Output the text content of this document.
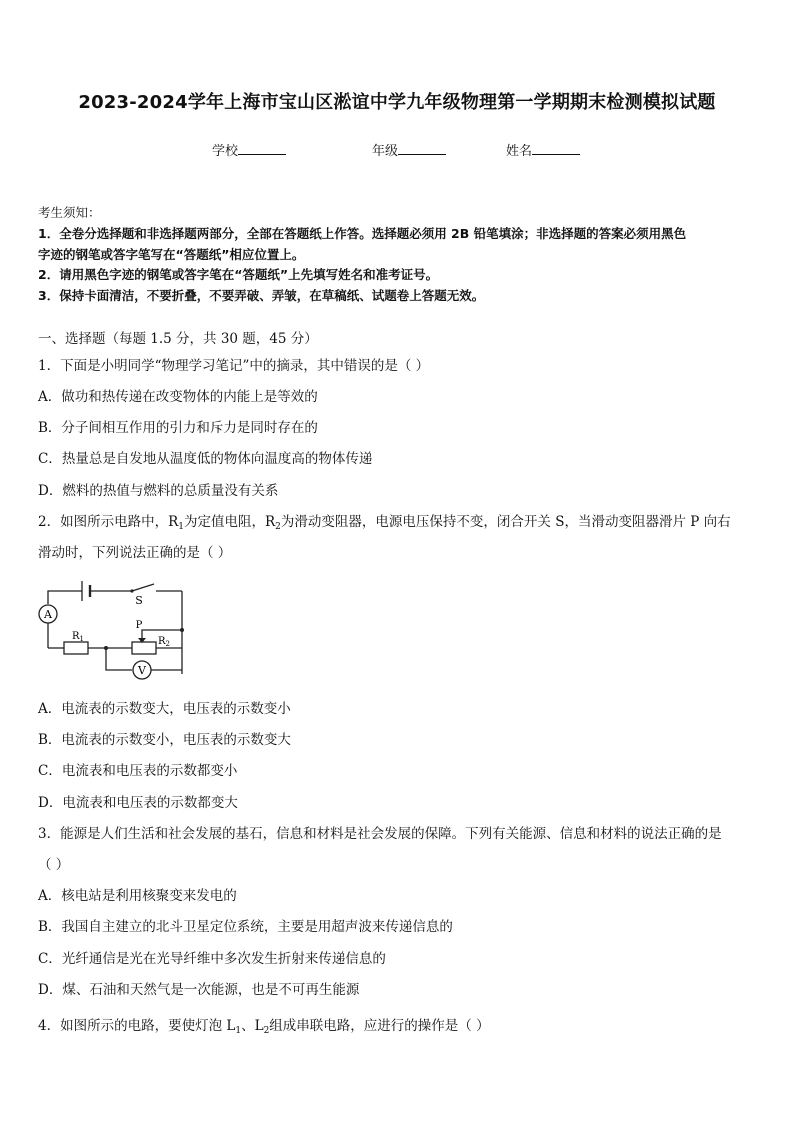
2023-2024学年上海市宝山区淞谊中学九年级物理第一学期期末检测模拟试题
学校	年级	姓名
考生须知：
1．全卷分选择题和非选择题两部分，全部在答题纸上作答。选择题必须用 2B 铅笔填涂；非选择题的答案必须用黑色
字迹的钢笔或答字笔写在“答题纸”相应位置上。
2．请用黑色字迹的钢笔或答字笔在“答题纸”上先填写姓名和准考证号。
3．保持卡面清洁，不要折叠，不要弄破、弄皱，在草稿纸、试题卷上答题无效。
一、选择题（每题 1.5 分，共 30 题，45 分）
1．下面是小明同学“物理学习笔记”中的摘录，其中错误的是（ ）
A．做功和热传递在改变物体的内能上是等效的
B．分子间相互作用的引力和斥力是同时存在的
C．热量总是自发地从温度低的物体向温度高的物体传递
D．燃料的热值与燃料的总质量没有关系
2．如图所示电路中，$R_1$为定值电阻，$R_2$为滑动变阻器，电源电压保持不变，闭合开关 S，当滑动变阻器滑片 P 向右
滑动时，下列说法正确的是（ ）
A
V
S
P
$R_1$	$R_2$
A．电流表的示数变大，电压表的示数变小
B．电流表的示数变小，电压表的示数变大
C．电流表和电压表的示数都变小
D．电流表和电压表的示数都变大
3．能源是人们生活和社会发展的基石，信息和材料是社会发展的保障。下列有关能源、信息和材料的说法正确的是
（ ）
A．核电站是利用核聚变来发电的
B．我国自主建立的北斗卫星定位系统，主要是用超声波来传递信息的
C．光纤通信是光在光导纤维中多次发生折射来传递信息的
D．煤、石油和天然气是一次能源，也是不可再生能源
4．如图所示的电路，要使灯泡 $L_1$、$L_2$组成串联电路，应进行的操作是（ ）
